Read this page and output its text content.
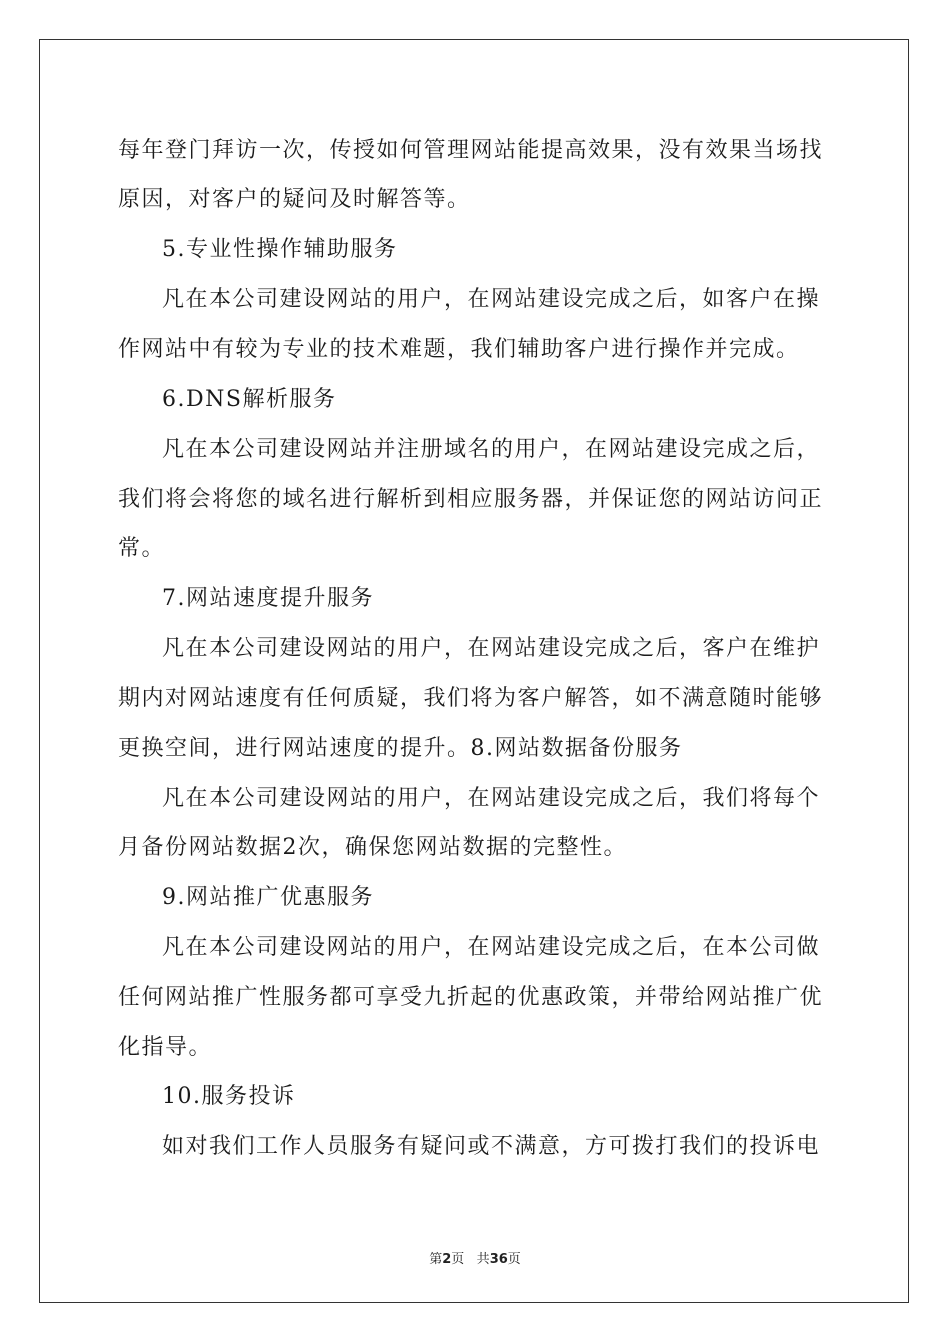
每年登门拜访一次，传授如何管理网站能提高效果，没有效果当场找
原因，对客户的疑问及时解答等。
5.专业性操作辅助服务
凡在本公司建设网站的用户，在网站建设完成之后，如客户在操
作网站中有较为专业的技术难题，我们辅助客户进行操作并完成。
6.DNS解析服务
凡在本公司建设网站并注册域名的用户，在网站建设完成之后，
我们将会将您的域名进行解析到相应服务器，并保证您的网站访问正
常。
7.网站速度提升服务
凡在本公司建设网站的用户，在网站建设完成之后，客户在维护
期内对网站速度有任何质疑，我们将为客户解答，如不满意随时能够
更换空间，进行网站速度的提升。8.网站数据备份服务
凡在本公司建设网站的用户，在网站建设完成之后，我们将每个
月备份网站数据2次，确保您网站数据的完整性。
9.网站推广优惠服务
凡在本公司建设网站的用户，在网站建设完成之后，在本公司做
任何网站推广性服务都可享受九折起的优惠政策，并带给网站推广优
化指导。
10.服务投诉
如对我们工作人员服务有疑问或不满意，方可拨打我们的投诉电
第2页 共36页
